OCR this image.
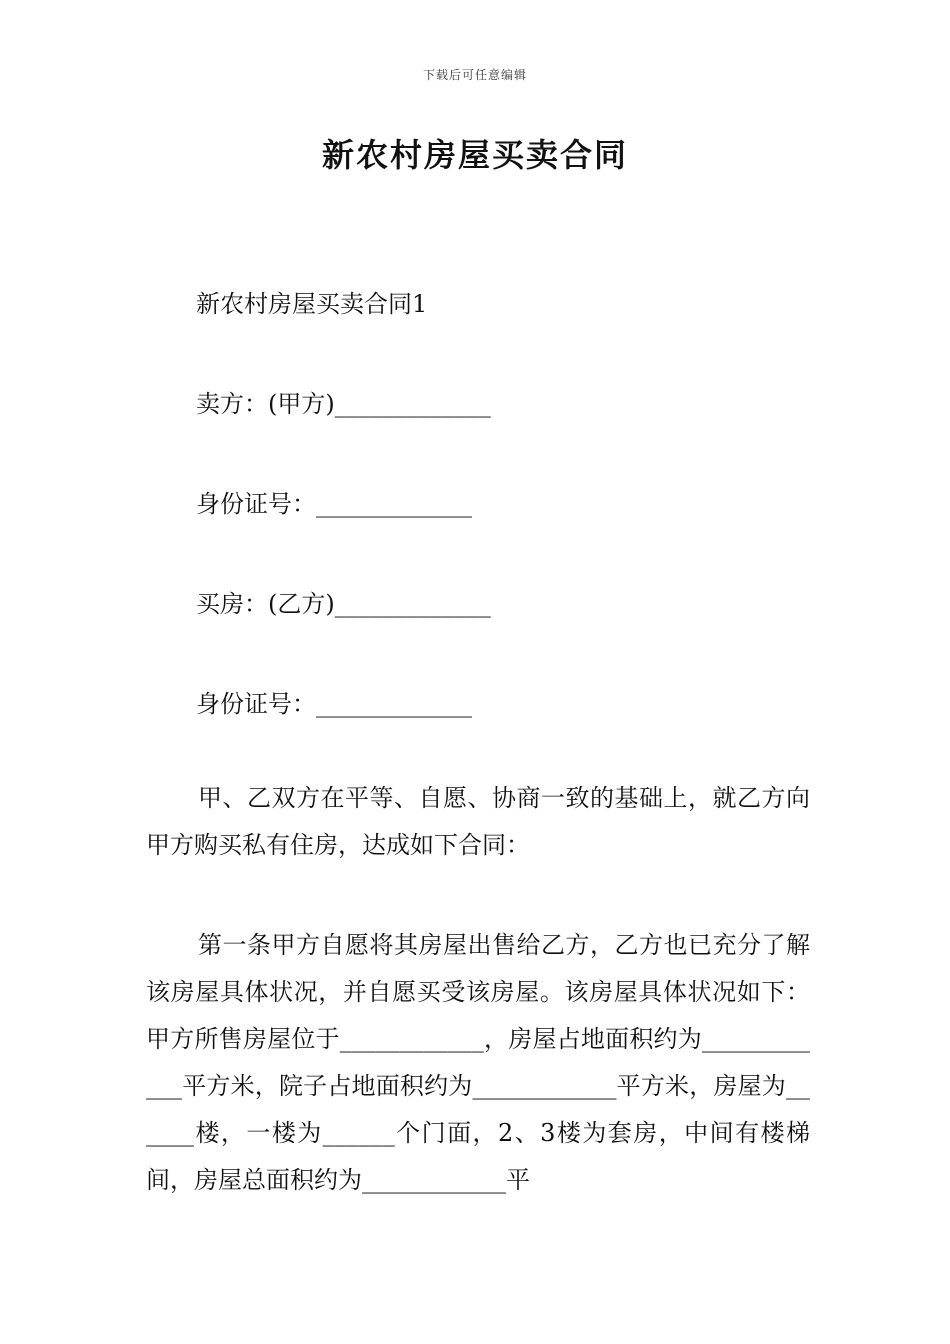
下载后可任意编辑
新农村房屋买卖合同
新农村房屋买卖合同1
卖方：(甲方)_____________
身份证号：_____________
买房：(乙方)_____________
身份证号：_____________
甲、乙双方在平等、自愿、协商一致的基础上，就乙方向甲方购买私有住房，达成如下合同：
第一条甲方自愿将其房屋出售给乙方，乙方也已充分了解该房屋具体状况，并自愿买受该房屋。该房屋具体状况如下：甲方所售房屋位于____________，房屋占地面积约为____________平方米，院子占地面积约为____________平方米，房屋为______楼，一楼为______个门面，2、3楼为套房，中间有楼梯间，房屋总面积约为____________平
